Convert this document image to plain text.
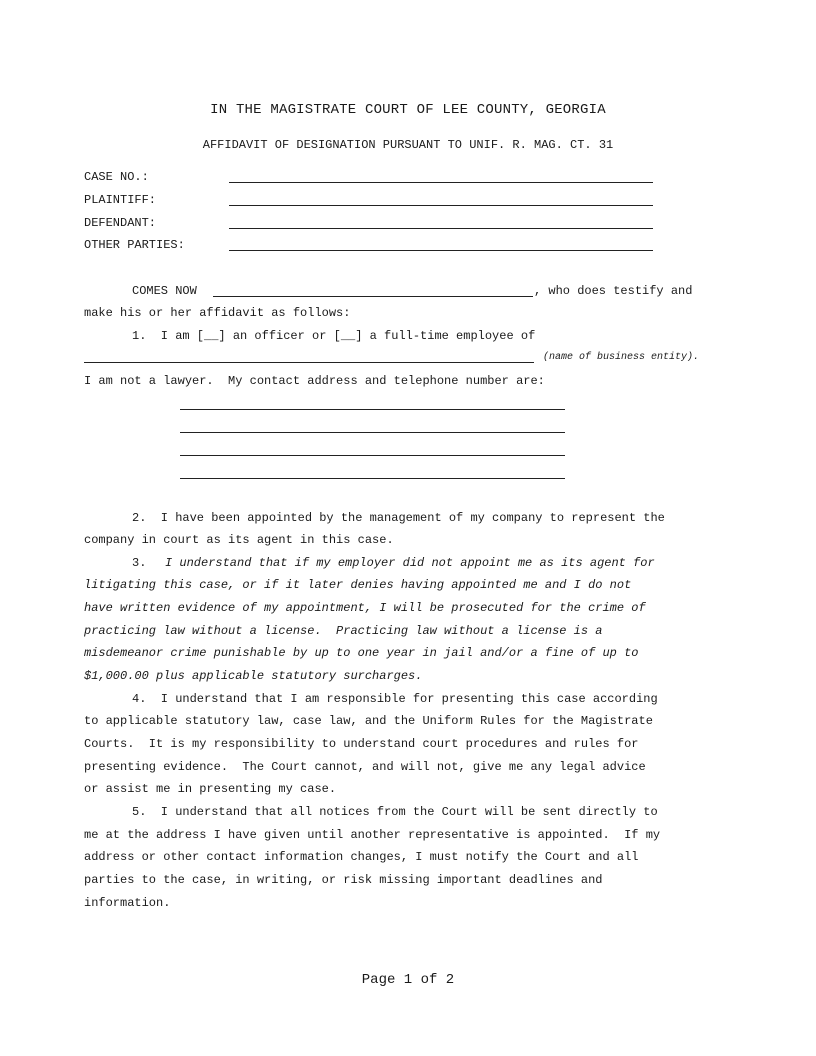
IN THE MAGISTRATE COURT OF LEE COUNTY, GEORGIA
AFFIDAVIT OF DESIGNATION PURSUANT TO UNIF. R. MAG. CT. 31
CASE NO.:
PLAINTIFF:
DEFENDANT:
OTHER PARTIES:
COMES NOW	, who does testify and
make his or her affidavit as follows:
1.  I am [__] an officer or [__] a full-time employee of
(name of business entity).
I am not a lawyer.  My contact address and telephone number are:
2.  I have been appointed by the management of my company to represent the
company in court as its agent in this case.
3. I understand that if my employer did not appoint me as its agent for
litigating this case, or if it later denies having appointed me and I do not
have written evidence of my appointment, I will be prosecuted for the crime of
practicing law without a license.  Practicing law without a license is a
misdemeanor crime punishable by up to one year in jail and/or a fine of up to
$1,000.00 plus applicable statutory surcharges.
4.  I understand that I am responsible for presenting this case according
to applicable statutory law, case law, and the Uniform Rules for the Magistrate
Courts.  It is my responsibility to understand court procedures and rules for
presenting evidence.  The Court cannot, and will not, give me any legal advice
or assist me in presenting my case.
5.  I understand that all notices from the Court will be sent directly to
me at the address I have given until another representative is appointed.  If my
address or other contact information changes, I must notify the Court and all
parties to the case, in writing, or risk missing important deadlines and
information.
Page 1 of 2
